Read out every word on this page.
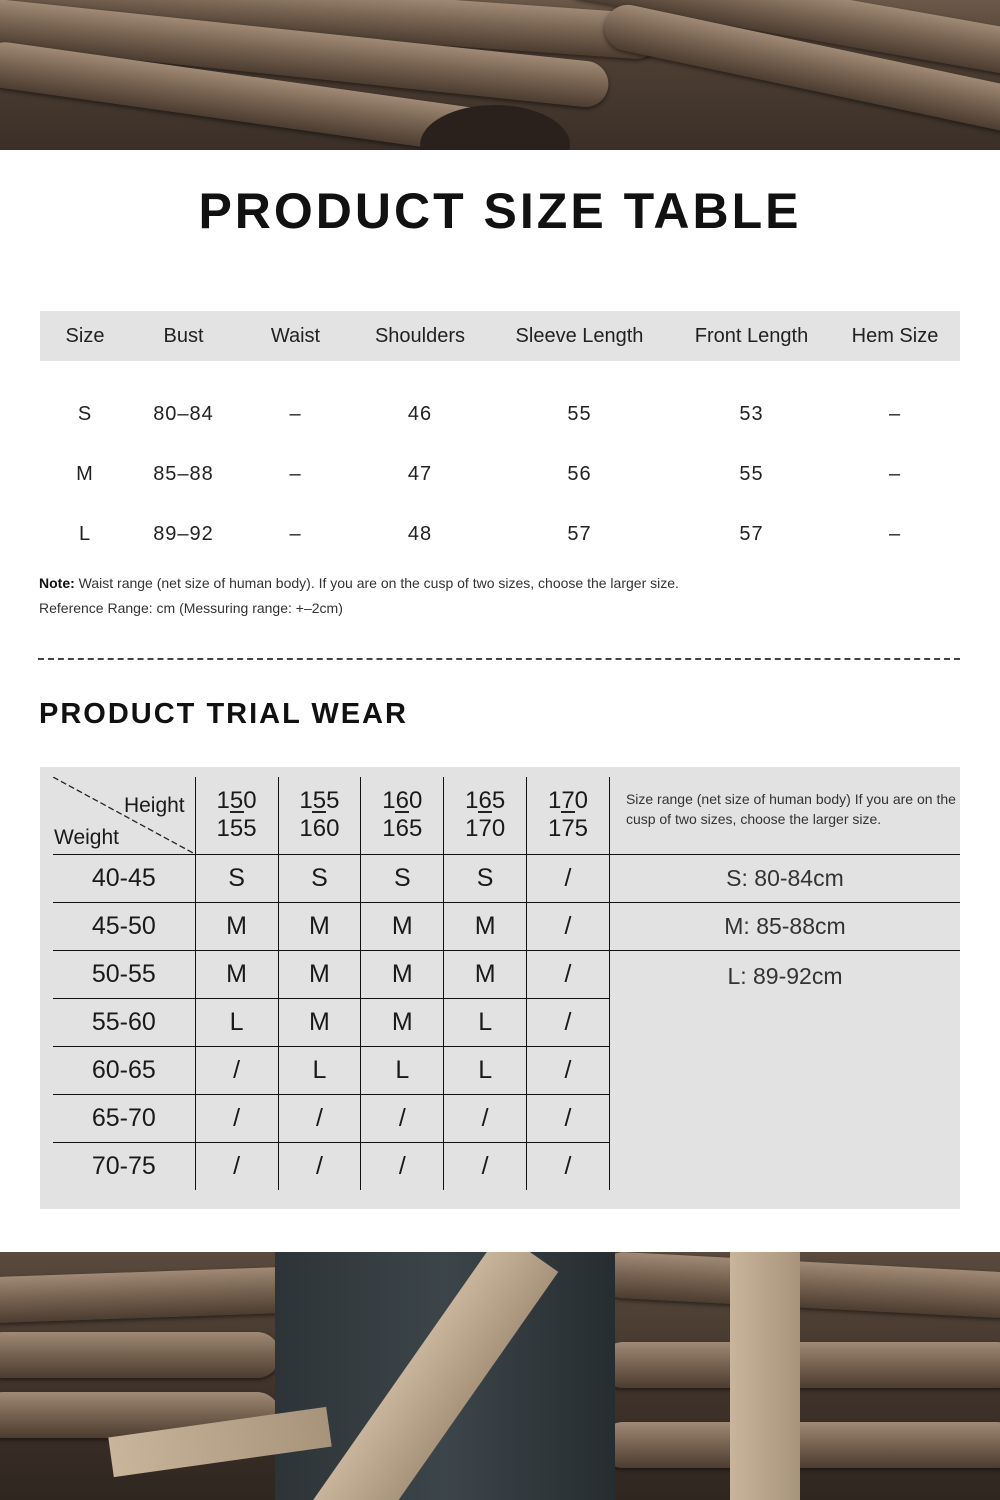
PRODUCT SIZE TABLE
Size	Bust	Waist	Shoulders	Sleeve Length	Front Length	Hem Size
S	80–84	–	46	55	53	–
M	85–88	–	47	56	55	–
L	89–92	–	48	57	57	–
Note: Waist range (net size of human body). If you are on the cusp of two sizes, choose the larger size.
Reference Range: cm (Messuring range: +–2cm)
PRODUCT TRIAL WEAR
Height
Weight	$\frac{150}{155}$	$\frac{155}{160}$	$\frac{160}{165}$	$\frac{165}{170}$	$\frac{170}{175}$	Size range (net size of human body) If you are on the cusp of two sizes, choose the larger size.
40-45	S	S	S	S	/	S: 80-84cm
45-50	M	M	M	M	/	M: 85-88cm
50-55	M	M	M	M	/	L: 89-92cm
55-60	L	M	M	L	/	
60-65	/	L	L	L	/	
65-70	/	/	/	/	/	
70-75	/	/	/	/	/	
